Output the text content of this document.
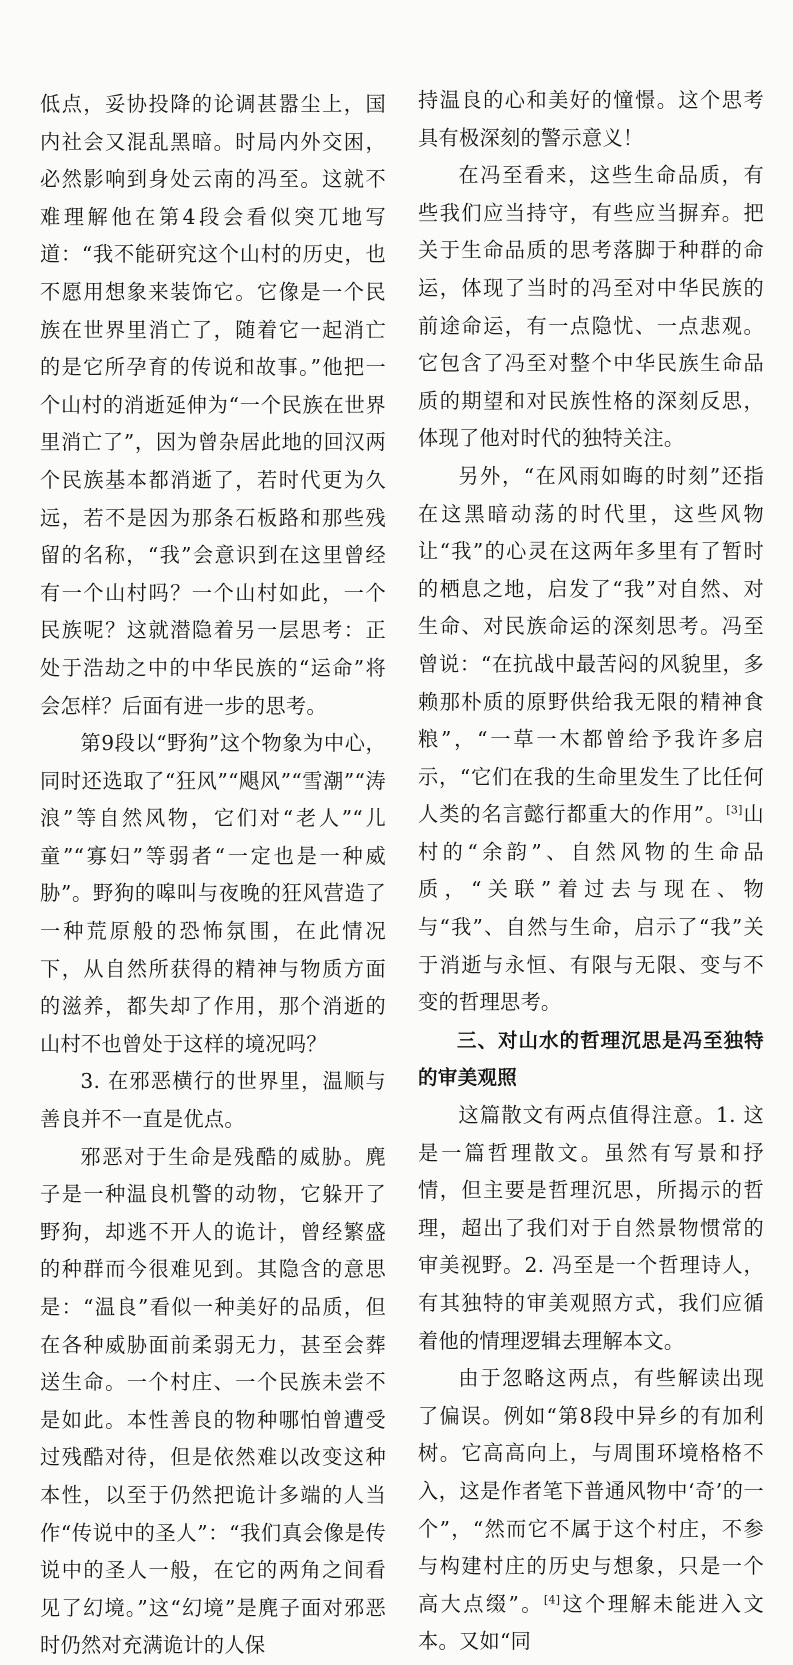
低点，妥协投降的论调甚嚣尘上，国内社会又混乱黑暗。时局内外交困，必然影响到身处云南的冯至。这就不难理解他在第4段会看似突兀地写道：“我不能研究这个山村的历史，也不愿用想象来装饰它。它像是一个民族在世界里消亡了，随着它一起消亡的是它所孕育的传说和故事。”他把一个山村的消逝延伸为“一个民族在世界里消亡了”，因为曾杂居此地的回汉两个民族基本都消逝了，若时代更为久远，若不是因为那条石板路和那些残留的名称，“我”会意识到在这里曾经有一个山村吗？一个山村如此，一个民族呢？这就潜隐着另一层思考：正处于浩劫之中的中华民族的“运命”将会怎样？后面有进一步的思考。

第9段以“野狗”这个物象为中心，同时还选取了“狂风”“飓风”“雪潮”“涛浪”等自然风物，它们对“老人”“儿童”“寡妇”等弱者“一定也是一种威胁”。野狗的嗥叫与夜晚的狂风营造了一种荒原般的恐怖氛围，在此情况下，从自然所获得的精神与物质方面的滋养，都失却了作用，那个消逝的山村不也曾处于这样的境况吗？

3. 在邪恶横行的世界里，温顺与善良并不一直是优点。

邪恶对于生命是残酷的威胁。麂子是一种温良机警的动物，它躲开了野狗，却逃不开人的诡计，曾经繁盛的种群而今很难见到。其隐含的意思是：“温良”看似一种美好的品质，但在各种威胁面前柔弱无力，甚至会葬送生命。一个村庄、一个民族未尝不是如此。本性善良的物种哪怕曾遭受过残酷对待，但是依然难以改变这种本性，以至于仍然把诡计多端的人当作“传说中的圣人”：“我们真会像是传说中的圣人一般，在它的两角之间看见了幻境。”这“幻境”是麂子面对邪恶时仍然对充满诡计的人保

持温良的心和美好的憧憬。这个思考具有极深刻的警示意义！

在冯至看来，这些生命品质，有些我们应当持守，有些应当摒弃。把关于生命品质的思考落脚于种群的命运，体现了当时的冯至对中华民族的前途命运，有一点隐忧、一点悲观。它包含了冯至对整个中华民族生命品质的期望和对民族性格的深刻反思，体现了他对时代的独特关注。

另外，“在风雨如晦的时刻”还指在这黑暗动荡的时代里，这些风物让“我”的心灵在这两年多里有了暂时的栖息之地，启发了“我”对自然、对生命、对民族命运的深刻思考。冯至曾说：“在抗战中最苦闷的风貌里，多赖那朴质的原野供给我无限的精神食粮”，“一草一木都曾给予我许多启示，“它们在我的生命里发生了比任何人类的名言懿行都重大的作用”。[3]山村的“余韵”、自然风物的生命品质，“关联”着过去与现在、物与“我”、自然与生命，启示了“我”关于消逝与永恒、有限与无限、变与不变的哲理思考。

三、对山水的哲理沉思是冯至独特的审美观照

这篇散文有两点值得注意。1. 这是一篇哲理散文。虽然有写景和抒情，但主要是哲理沉思，所揭示的哲理，超出了我们对于自然景物惯常的审美视野。2. 冯至是一个哲理诗人，有其独特的审美观照方式，我们应循着他的情理逻辑去理解本文。

由于忽略这两点，有些解读出现了偏误。例如“第8段中异乡的有加利树。它高高向上，与周围环境格格不入，这是作者笔下普通风物中‘奇’的一个”，“然而它不属于这个村庄，不参与构建村庄的历史与想象，只是一个高大点缀”。[4]这个理解未能进入文本。又如“同
